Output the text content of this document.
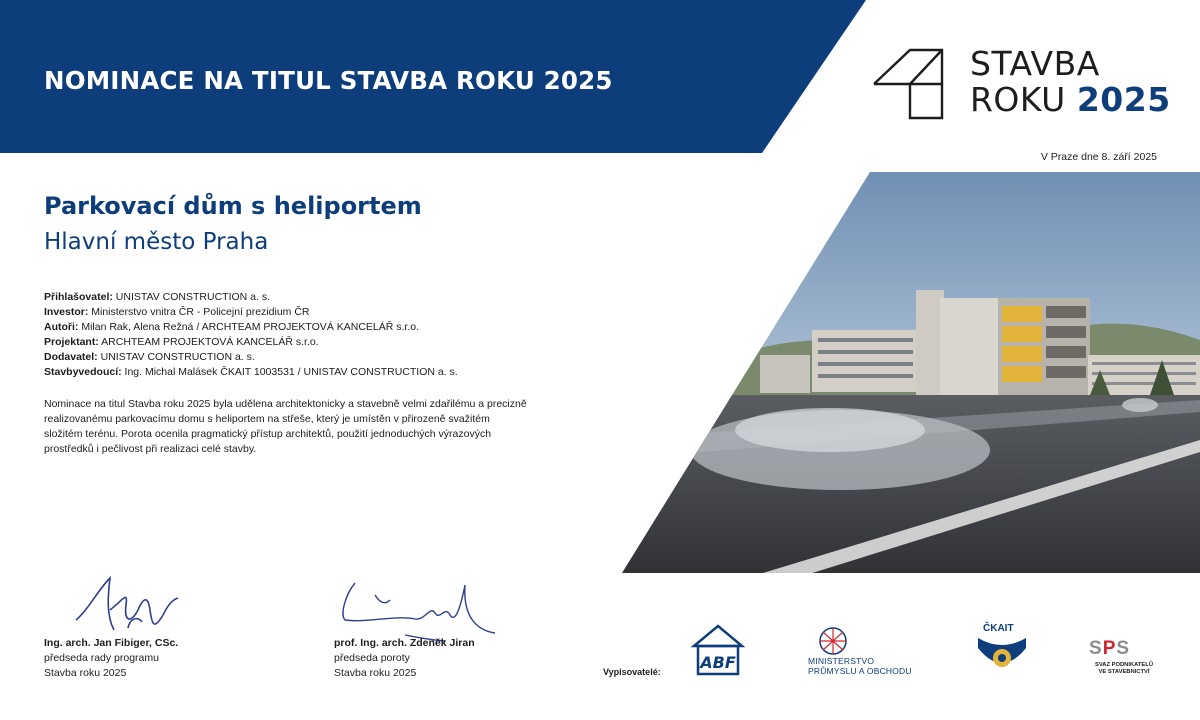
NOMINACE NA TITUL STAVBA ROKU 2025	STAVBA
ROKU 2025
V Praze dne 8. září 2025
Parkovací dům s heliportem
Hlavní město Praha
Přihlašovatel: UNISTAV CONSTRUCTION a. s.
Investor: Ministerstvo vnitra ČR - Policejní prezidium ČR
Autoři: Milan Rak, Alena Režná / ARCHTEAM PROJEKTOVÁ KANCELÁŘ s.r.o.
Projektant: ARCHTEAM PROJEKTOVÁ KANCELÁŘ s.r.o.
Dodavatel: UNISTAV CONSTRUCTION a. s.
Stavbyvedoucí: Ing. Michal Malásek ČKAIT 1003531 / UNISTAV CONSTRUCTION a. s.
Nominace na titul Stavba roku 2025 byla udělena architektonicky a stavebně velmi zdařilému a precizně
realizovanému parkovacímu domu s heliportem na střeše, který je umístěn v přirozeně svažitém
složitém terénu. Porota ocenila pragmatický přístup architektů, použití jednoduchých výrazových
prostředků i pečlivost při realizaci celé stavby.
Ing. arch. Jan Fibiger, CSc.
předseda rady programu
Stavba roku 2025
prof. Ing. arch. Zdeněk Jiran
předseda poroty
Stavba roku 2025	Vypisovatelé: ABF	MINISTERSTVO
PRŮMYSLU A OBCHODU
ČKAIT
SPS
SVAZ PODNIKATELŮ
VE STAVEBNICTVÍ
